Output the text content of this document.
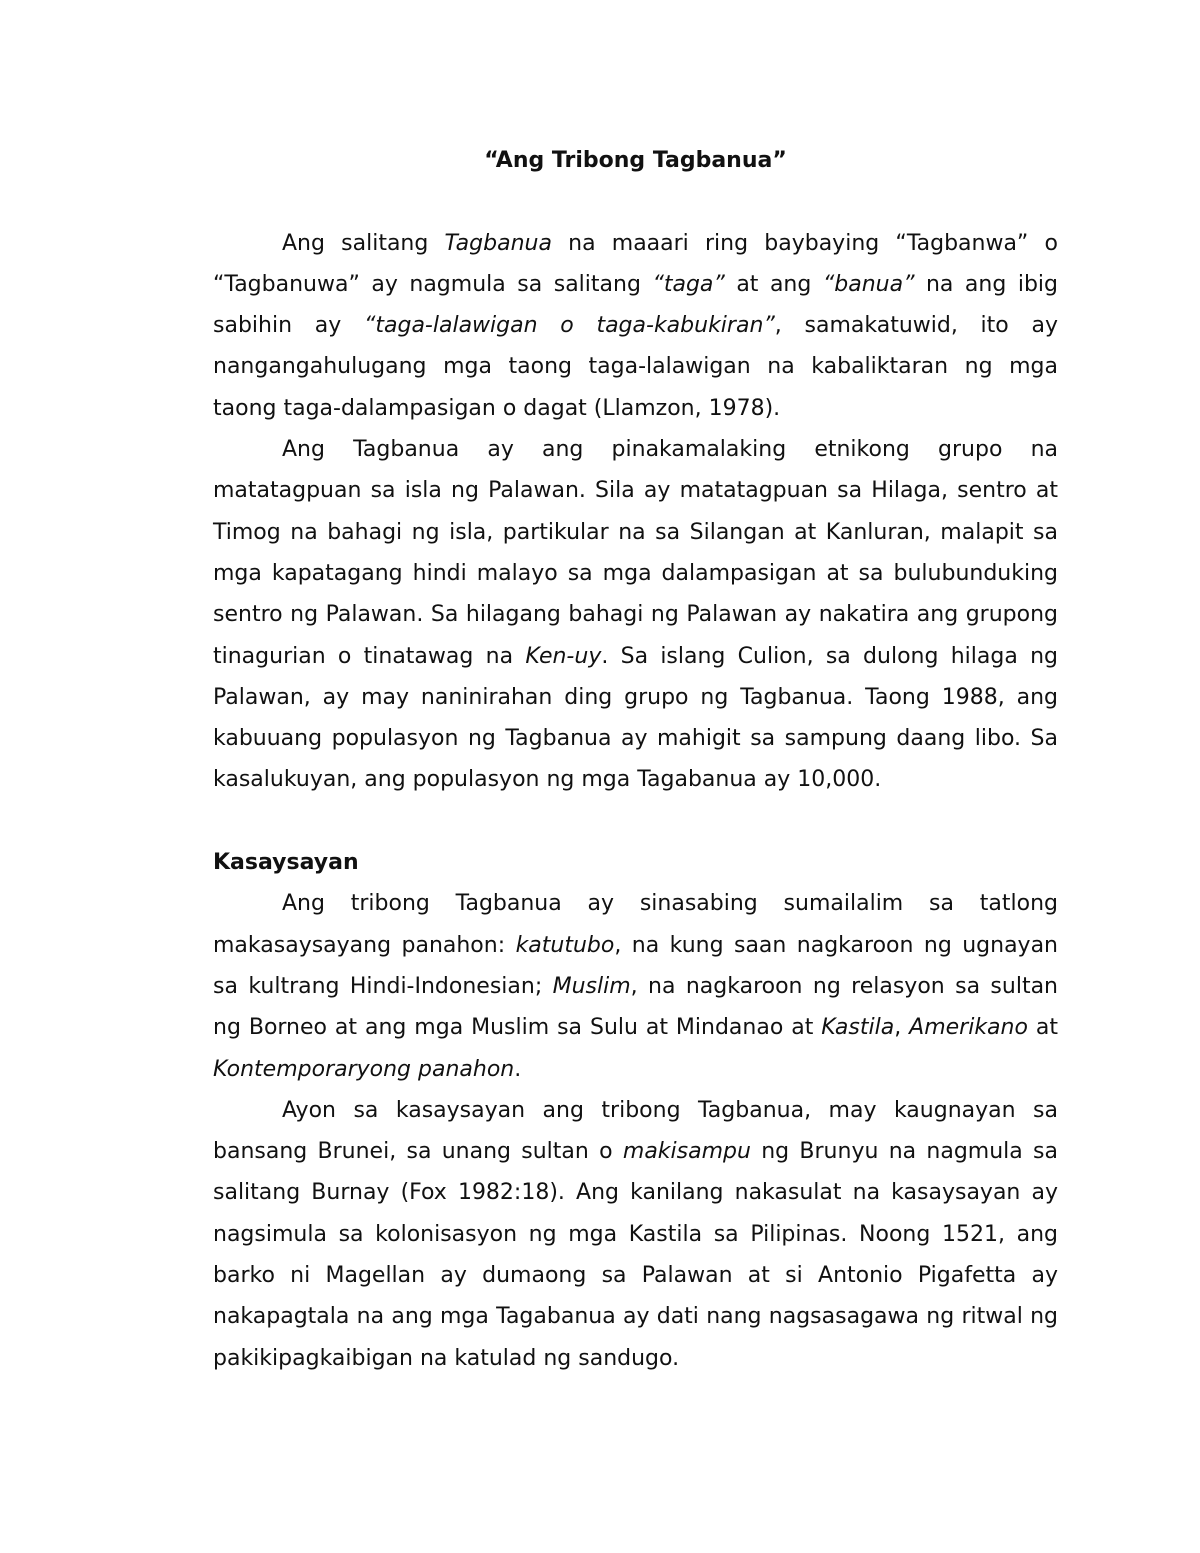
“Ang Tribong Tagbanua”

Ang salitang Tagbanua na maaari ring baybaying “Tagbanwa” o “Tagbanuwa” ay nagmula sa salitang “taga” at ang “banua” na ang ibig sabihin ay “taga-lalawigan o taga-kabukiran”, samakatuwid, ito ay nangangahulugang mga taong taga-lalawigan na kabaliktaran ng mga taong taga-dalampasigan o dagat (Llamzon, 1978).

Ang Tagbanua ay ang pinakamalaking etnikong grupo na matatagpuan sa isla ng Palawan. Sila ay matatagpuan sa Hilaga, sentro at Timog na bahagi ng isla, partikular na sa Silangan at Kanluran, malapit sa mga kapatagang hindi malayo sa mga dalampasigan at sa bulubunduking sentro ng Palawan. Sa hilagang bahagi ng Palawan ay nakatira ang grupong tinagurian o tinatawag na Ken-uy. Sa islang Culion, sa dulong hilaga ng Palawan, ay may naninirahan ding grupo ng Tagbanua. Taong 1988, ang kabuuang populasyon ng Tagbanua ay mahigit sa sampung daang libo. Sa kasalukuyan, ang populasyon ng mga Tagabanua ay 10,000.

Kasaysayan

Ang tribong Tagbanua ay sinasabing sumailalim sa tatlong makasaysayang panahon: katutubo, na kung saan nagkaroon ng ugnayan sa kultrang Hindi-Indonesian; Muslim, na nagkaroon ng relasyon sa sultan ng Borneo at ang mga Muslim sa Sulu at Mindanao at Kastila, Amerikano at Kontemporaryong panahon.

Ayon sa kasaysayan ang tribong Tagbanua, may kaugnayan sa bansang Brunei, sa unang sultan o makisampu ng Brunyu na nagmula sa salitang Burnay (Fox 1982:18). Ang kanilang nakasulat na kasaysayan ay nagsimula sa kolonisasyon ng mga Kastila sa Pilipinas. Noong 1521, ang barko ni Magellan ay dumaong sa Palawan at si Antonio Pigafetta ay nakapagtala na ang mga Tagabanua ay dati nang nagsasagawa ng ritwal ng pakikipagkaibigan na katulad ng sandugo.
